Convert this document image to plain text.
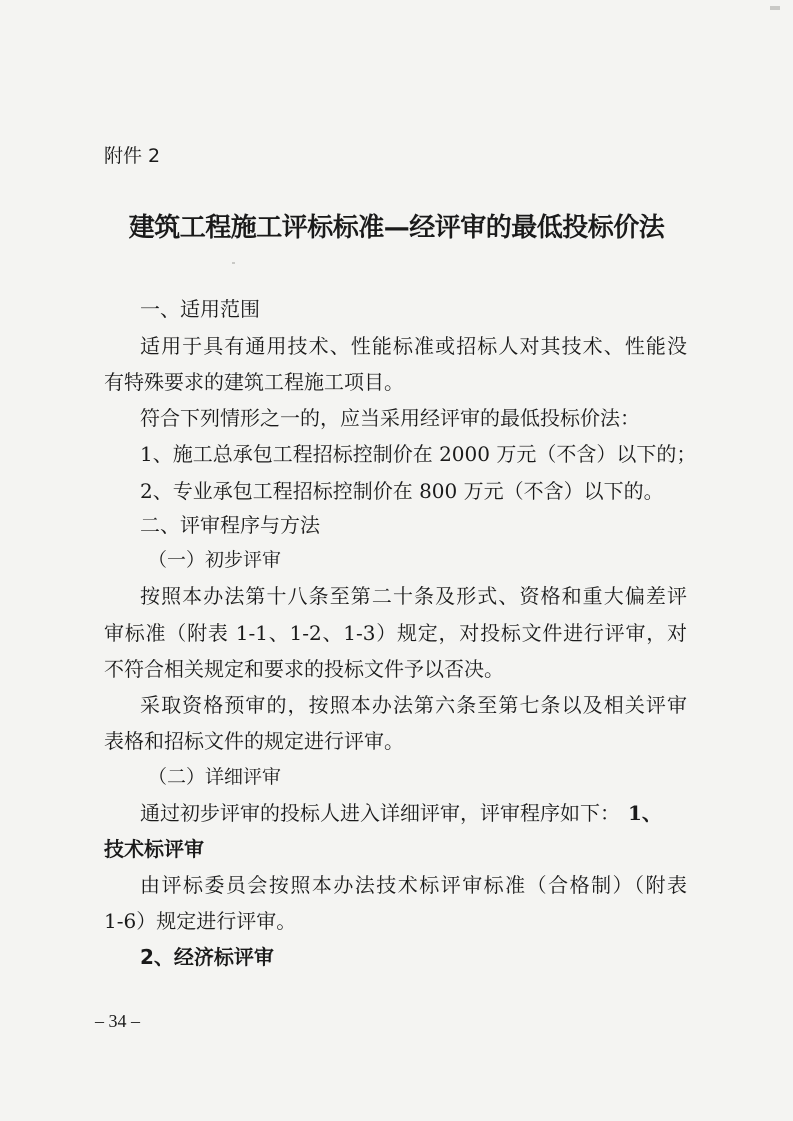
附件 2
建筑工程施工评标标准—经评审的最低投标价法
一、适用范围
适用于具有通用技术、性能标准或招标人对其技术、性能没
有特殊要求的建筑工程施工项目。
符合下列情形之一的，应当采用经评审的最低投标价法：
1、施工总承包工程招标控制价在 2000 万元（不含）以下的；
2、专业承包工程招标控制价在 800 万元（不含）以下的。
二、评审程序与方法
（一）初步评审
按照本办法第十八条至第二十条及形式、资格和重大偏差评
审标准（附表 1-1、1-2、1-3）规定，对投标文件进行评审，对
不符合相关规定和要求的投标文件予以否决。
采取资格预审的，按照本办法第六条至第七条以及相关评审
表格和招标文件的规定进行评审。
（二）详细评审
通过初步评审的投标人进入详细评审，评审程序如下： 1、
技术标评审
由评标委员会按照本办法技术标评审标准（合格制）（附表
1-6）规定进行评审。
2、经济标评审
– 34 –
